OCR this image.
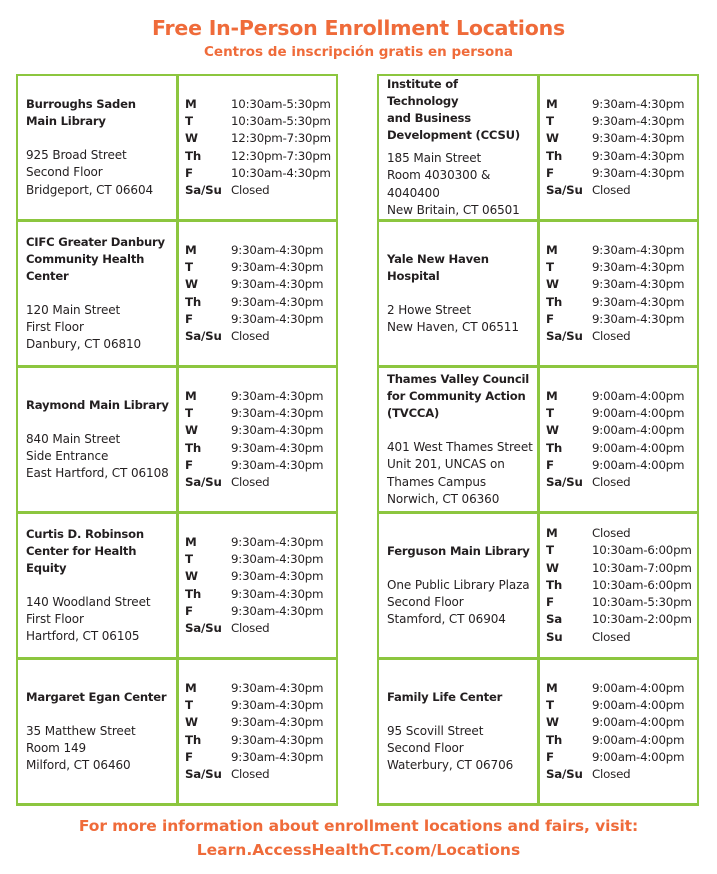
Free In-Person Enrollment Locations
Centros de inscripción gratis en persona
Burroughs Saden
Main Library
925 Broad Street
Second Floor
Bridgeport, CT 06604
M	10:30am-5:30pm
T	10:30am-5:30pm
W	12:30pm-7:30pm
Th	12:30pm-7:30pm
F	10:30am-4:30pm
Sa/Su Closed
CIFC Greater Danbury
Community Health
Center
120 Main Street
First Floor
Danbury, CT 06810
M	9:30am-4:30pm
T	9:30am-4:30pm
W	9:30am-4:30pm
Th	9:30am-4:30pm
F	9:30am-4:30pm
Sa/Su Closed
Raymond Main Library
840 Main Street
Side Entrance
East Hartford, CT 06108
M	9:30am-4:30pm
T	9:30am-4:30pm
W	9:30am-4:30pm
Th	9:30am-4:30pm
F	9:30am-4:30pm
Sa/Su Closed
Curtis D. Robinson
Center for Health Equity
140 Woodland Street
First Floor
Hartford, CT 06105
M	9:30am-4:30pm
T	9:30am-4:30pm
W	9:30am-4:30pm
Th	9:30am-4:30pm
F	9:30am-4:30pm
Sa/Su Closed
Margaret Egan Center
35 Matthew Street
Room 149
Milford, CT 06460
M	9:30am-4:30pm
T	9:30am-4:30pm
W	9:30am-4:30pm
Th	9:30am-4:30pm
F	9:30am-4:30pm
Sa/Su Closed
Institute of Technology
and Business
Development (CCSU)
185 Main Street
Room 4030300 &
4040400
New Britain, CT 06501
M	9:30am-4:30pm
T	9:30am-4:30pm
W	9:30am-4:30pm
Th	9:30am-4:30pm
F	9:30am-4:30pm
Sa/Su Closed
Yale New Haven
Hospital
2 Howe Street
New Haven, CT 06511
M	9:30am-4:30pm
T	9:30am-4:30pm
W	9:30am-4:30pm
Th	9:30am-4:30pm
F	9:30am-4:30pm
Sa/Su Closed
Thames Valley Council
for Community Action
(TVCCA)
401 West Thames Street
Unit 201, UNCAS on
Thames Campus
Norwich, CT 06360
M	9:00am-4:00pm
T	9:00am-4:00pm
W	9:00am-4:00pm
Th	9:00am-4:00pm
F	9:00am-4:00pm
Sa/Su Closed
Ferguson Main Library
One Public Library Plaza
Second Floor
Stamford, CT 06904
M	Closed
T	10:30am-6:00pm
W	10:30am-7:00pm
Th	10:30am-6:00pm
F	10:30am-5:30pm
Sa	10:30am-2:00pm
Su	Closed
Family Life Center
95 Scovill Street
Second Floor
Waterbury, CT 06706
M	9:00am-4:00pm
T	9:00am-4:00pm
W	9:00am-4:00pm
Th	9:00am-4:00pm
F	9:00am-4:00pm
Sa/Su Closed
For more information about enrollment locations and fairs, visit:
Learn.AccessHealthCT.com/Locations
